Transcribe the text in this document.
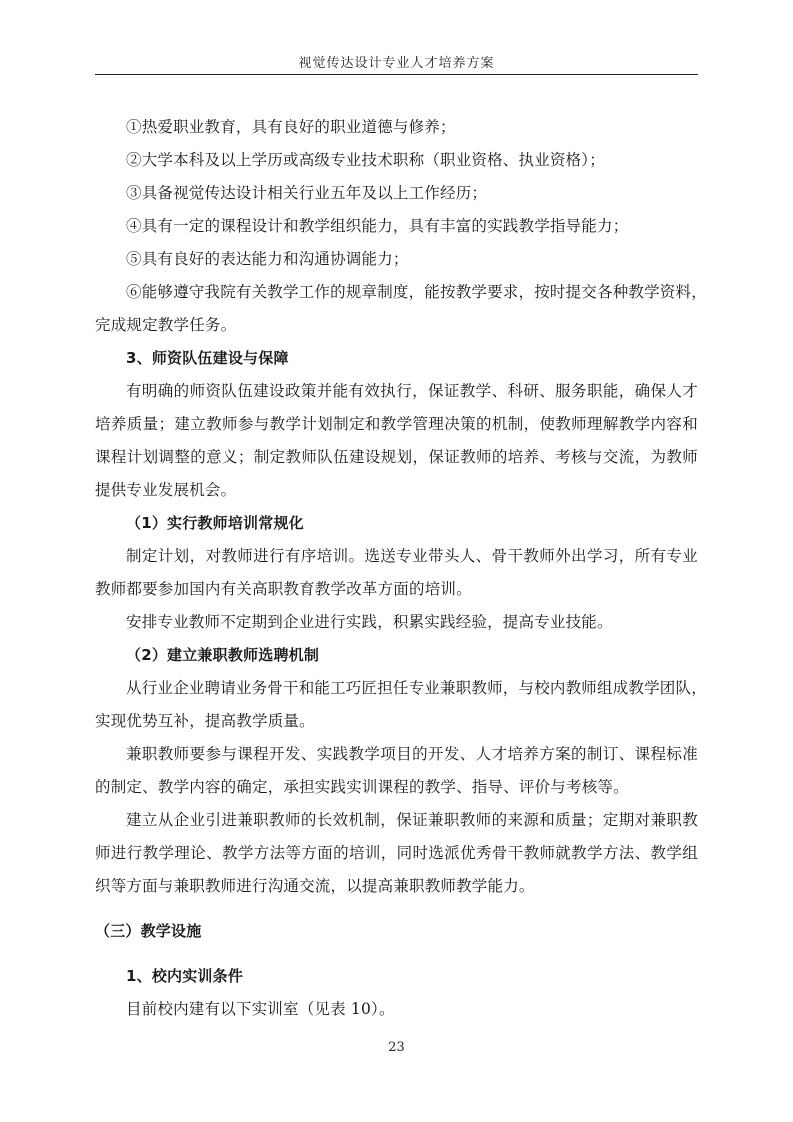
视觉传达设计专业人才培养方案
①热爱职业教育，具有良好的职业道德与修养；
②大学本科及以上学历或高级专业技术职称（职业资格、执业资格）；
③具备视觉传达设计相关行业五年及以上工作经历；
④具有一定的课程设计和教学组织能力，具有丰富的实践教学指导能力；
⑤具有良好的表达能力和沟通协调能力；
⑥能够遵守我院有关教学工作的规章制度，能按教学要求，按时提交各种教学资料，
完成规定教学任务。
3、师资队伍建设与保障
有明确的师资队伍建设政策并能有效执行，保证教学、科研、服务职能，确保人才
培养质量；建立教师参与教学计划制定和教学管理决策的机制，使教师理解教学内容和
课程计划调整的意义；制定教师队伍建设规划，保证教师的培养、考核与交流，为教师
提供专业发展机会。
（1）实行教师培训常规化
制定计划，对教师进行有序培训。选送专业带头人、骨干教师外出学习，所有专业
教师都要参加国内有关高职教育教学改革方面的培训。
安排专业教师不定期到企业进行实践，积累实践经验，提高专业技能。
（2）建立兼职教师选聘机制
从行业企业聘请业务骨干和能工巧匠担任专业兼职教师，与校内教师组成教学团队，
实现优势互补，提高教学质量。
兼职教师要参与课程开发、实践教学项目的开发、人才培养方案的制订、课程标准
的制定、教学内容的确定，承担实践实训课程的教学、指导、评价与考核等。
建立从企业引进兼职教师的长效机制，保证兼职教师的来源和质量；定期对兼职教
师进行教学理论、教学方法等方面的培训，同时选派优秀骨干教师就教学方法、教学组
织等方面与兼职教师进行沟通交流，以提高兼职教师教学能力。
（三）教学设施
1、校内实训条件
目前校内建有以下实训室（见表 10）。
23
